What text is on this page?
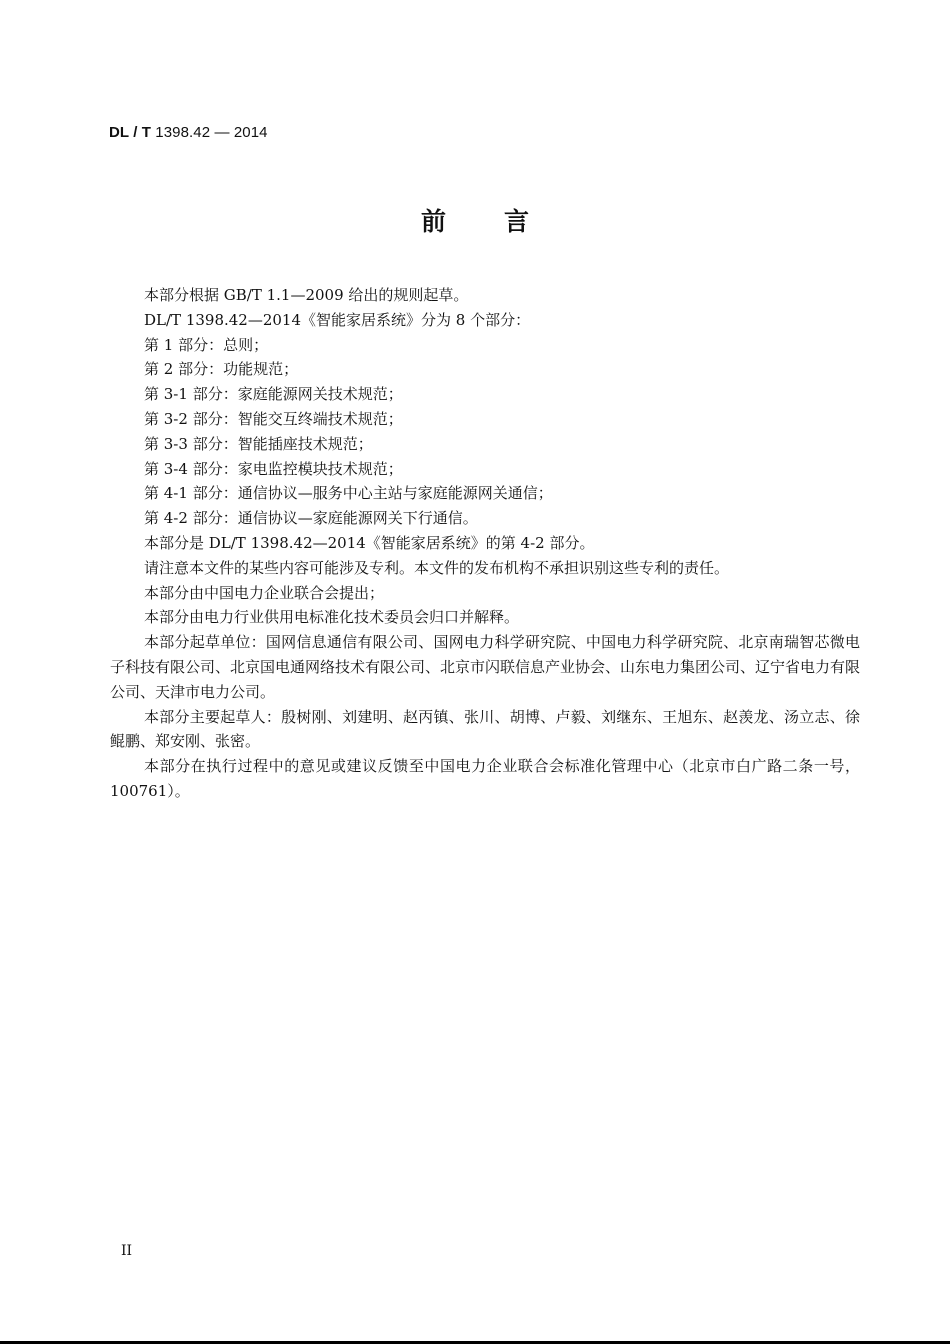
DL / T 1398.42 — 2014
前 言

本部分根据 GB/T 1.1—2009 给出的规则起草。

DL/T 1398.42—2014《智能家居系统》分为 8 个部分：

第 1 部分：总则；

第 2 部分：功能规范；

第 3-1 部分：家庭能源网关技术规范；

第 3-2 部分：智能交互终端技术规范；

第 3-3 部分：智能插座技术规范；

第 3-4 部分：家电监控模块技术规范；

第 4-1 部分：通信协议—服务中心主站与家庭能源网关通信；

第 4-2 部分：通信协议—家庭能源网关下行通信。

本部分是 DL/T 1398.42—2014《智能家居系统》的第 4-2 部分。

请注意本文件的某些内容可能涉及专利。本文件的发布机构不承担识别这些专利的责任。

本部分由中国电力企业联合会提出；

本部分由电力行业供用电标准化技术委员会归口并解释。

本部分起草单位：国网信息通信有限公司、国网电力科学研究院、中国电力科学研究院、北京南瑞智芯微电子科技有限公司、北京国电通网络技术有限公司、北京市闪联信息产业协会、山东电力集团公司、辽宁省电力有限公司、天津市电力公司。

本部分主要起草人：殷树刚、刘建明、赵丙镇、张川、胡博、卢毅、刘继东、王旭东、赵羡龙、汤立志、徐鲲鹏、郑安刚、张密。

本部分在执行过程中的意见或建议反馈至中国电力企业联合会标准化管理中心（北京市白广路二条一号，100761）。

II
